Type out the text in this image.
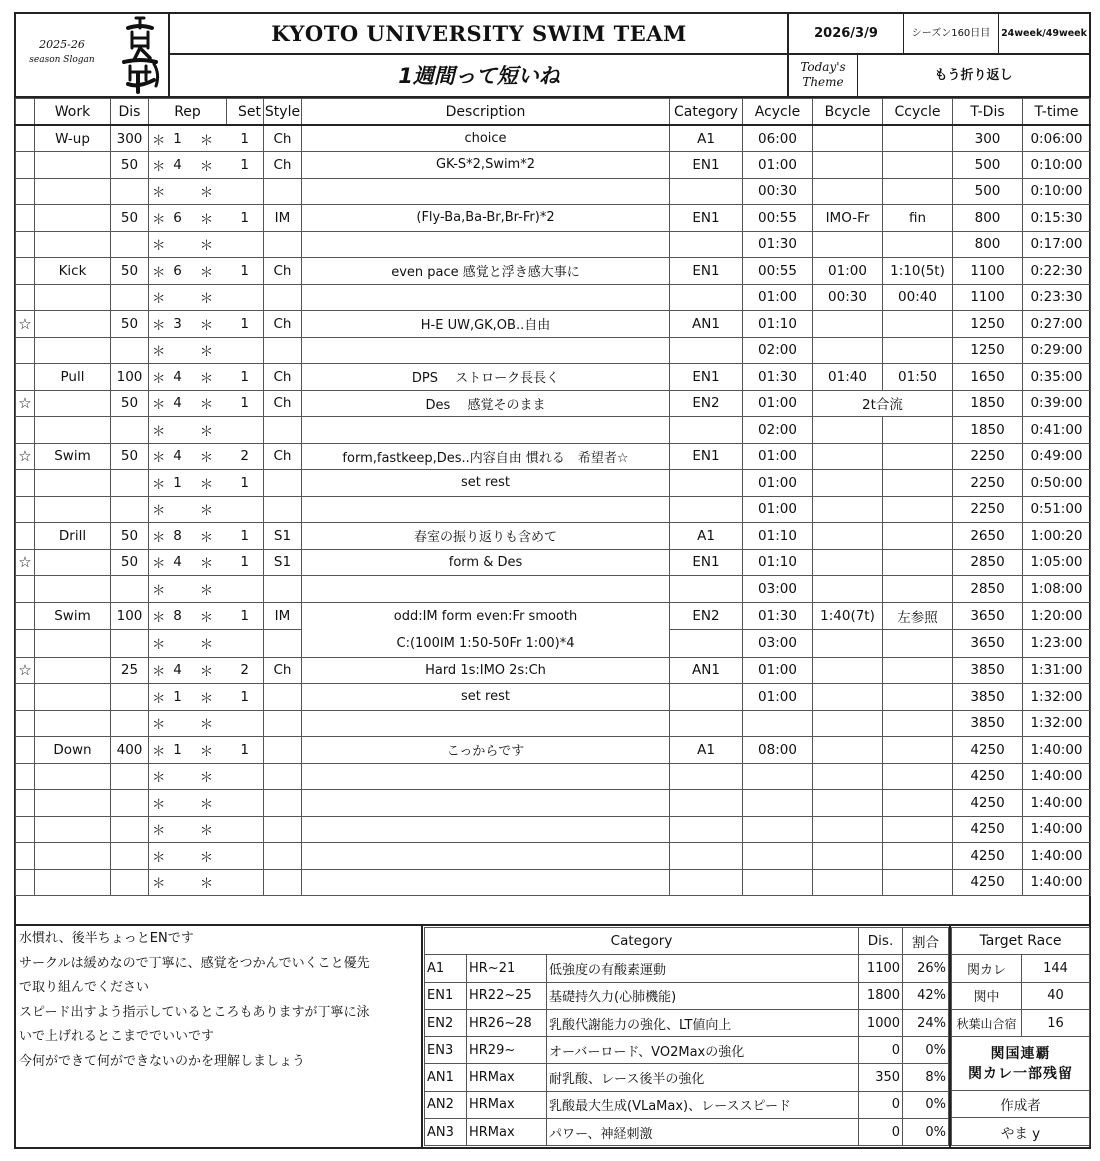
2025-26
season Slogan
KYOTO UNIVERSITY SWIM TEAM
1週間って短いね
2026/3/9	シーズン160日目	24week/49week
Today's
Theme	もう折り返し
	Work	Dis	Rep			Set	Style	Description	Category	Acycle	Bcycle	Ccycle	T-Dis	T-time
	W-up	300	＊	1	＊	1	Ch	choice	A1	06:00			300	0:06:00
		50	＊	4	＊	1	Ch	GK-S*2,Swim*2	EN1	01:00			500	0:10:00
			＊		＊					00:30			500	0:10:00
		50	＊	6	＊	1	IM	(Fly-Ba,Ba-Br,Br-Fr)*2	EN1	00:55	IMO-Fr	fin	800	0:15:30
			＊		＊					01:30			800	0:17:00
	Kick	50	＊	6	＊	1	Ch	even pace 感覚と浮き感大事に	EN1	00:55	01:00	1:10(5t)	1100	0:22:30
			＊		＊					01:00	00:30	00:40	1100	0:23:30
☆		50	＊	3	＊	1	Ch	H-E UW,GK,OB..自由	AN1	01:10			1250	0:27:00
			＊		＊					02:00			1250	0:29:00
	Pull	100	＊	4	＊	1	Ch	DPS　 ストローク長長く	EN1	01:30	01:40	01:50	1650	0:35:00
☆		50	＊	4	＊	1	Ch	Des　 感覚そのまま	EN2	01:00	2t合流		1850	0:39:00
			＊		＊					02:00			1850	0:41:00
☆	Swim	50	＊	4	＊	2	Ch	form,fastkeep,Des..内容自由 慣れる　希望者☆	EN1	01:00			2250	0:49:00
			＊	1	＊	1		set rest		01:00			2250	0:50:00
			＊		＊					01:00			2250	0:51:00
	Drill	50	＊	8	＊	1	S1	春室の振り返りも含めて	A1	01:10			2650	1:00:20
☆		50	＊	4	＊	1	S1	form & Des	EN1	01:10			2850	1:05:00
			＊		＊					03:00			2850	1:08:00
	Swim	100	＊	8	＊	1	IM	odd:IM form even:Fr smooth
C:(100IM 1:50-50Fr 1:00)*4	EN2	01:30	1:40(7t)	左参照	3650	1:20:00
			＊		＊					03:00			3650	1:23:00
☆		25	＊	4	＊	2	Ch	Hard 1s:IMO 2s:Ch	AN1	01:00			3850	1:31:00
			＊	1	＊	1		set rest		01:00			3850	1:32:00
			＊		＊								3850	1:32:00
	Down	400	＊	1	＊	1		こっからです	A1	08:00			4250	1:40:00
			＊		＊								4250	1:40:00
			＊		＊								4250	1:40:00
			＊		＊								4250	1:40:00
			＊		＊								4250	1:40:00
			＊		＊								4250	1:40:00
水慣れ、後半ちょっとENです
サークルは緩めなので丁寧に、感覚をつかんでいくこと優先
で取り組んでください
スピード出すよう指示しているところもありますが丁寧に泳
いで上げれるとこまででいいです
今何ができて何ができないのかを理解しましょう
Category			Dis.	割合
A1	HR~21	低強度の有酸素運動	1100	26%
EN1	HR22~25	基礎持久力(心肺機能)	1800	42%
EN2	HR26~28	乳酸代謝能力の強化、LT値向上	1000	24%
EN3	HR29~	オーバーロード、VO2Maxの強化	0	0%
AN1	HRMax	耐乳酸、レース後半の強化	350	8%
AN2	HRMax	乳酸最大生成(VLaMax)、レーススピード	0	0%
AN3	HRMax	パワー、神経刺激	0	0%
Target Race	
関カレ	144
関中	40
秋葉山合宿	16

関国連覇
関カレ一部残留	

作成者	
やま y	
